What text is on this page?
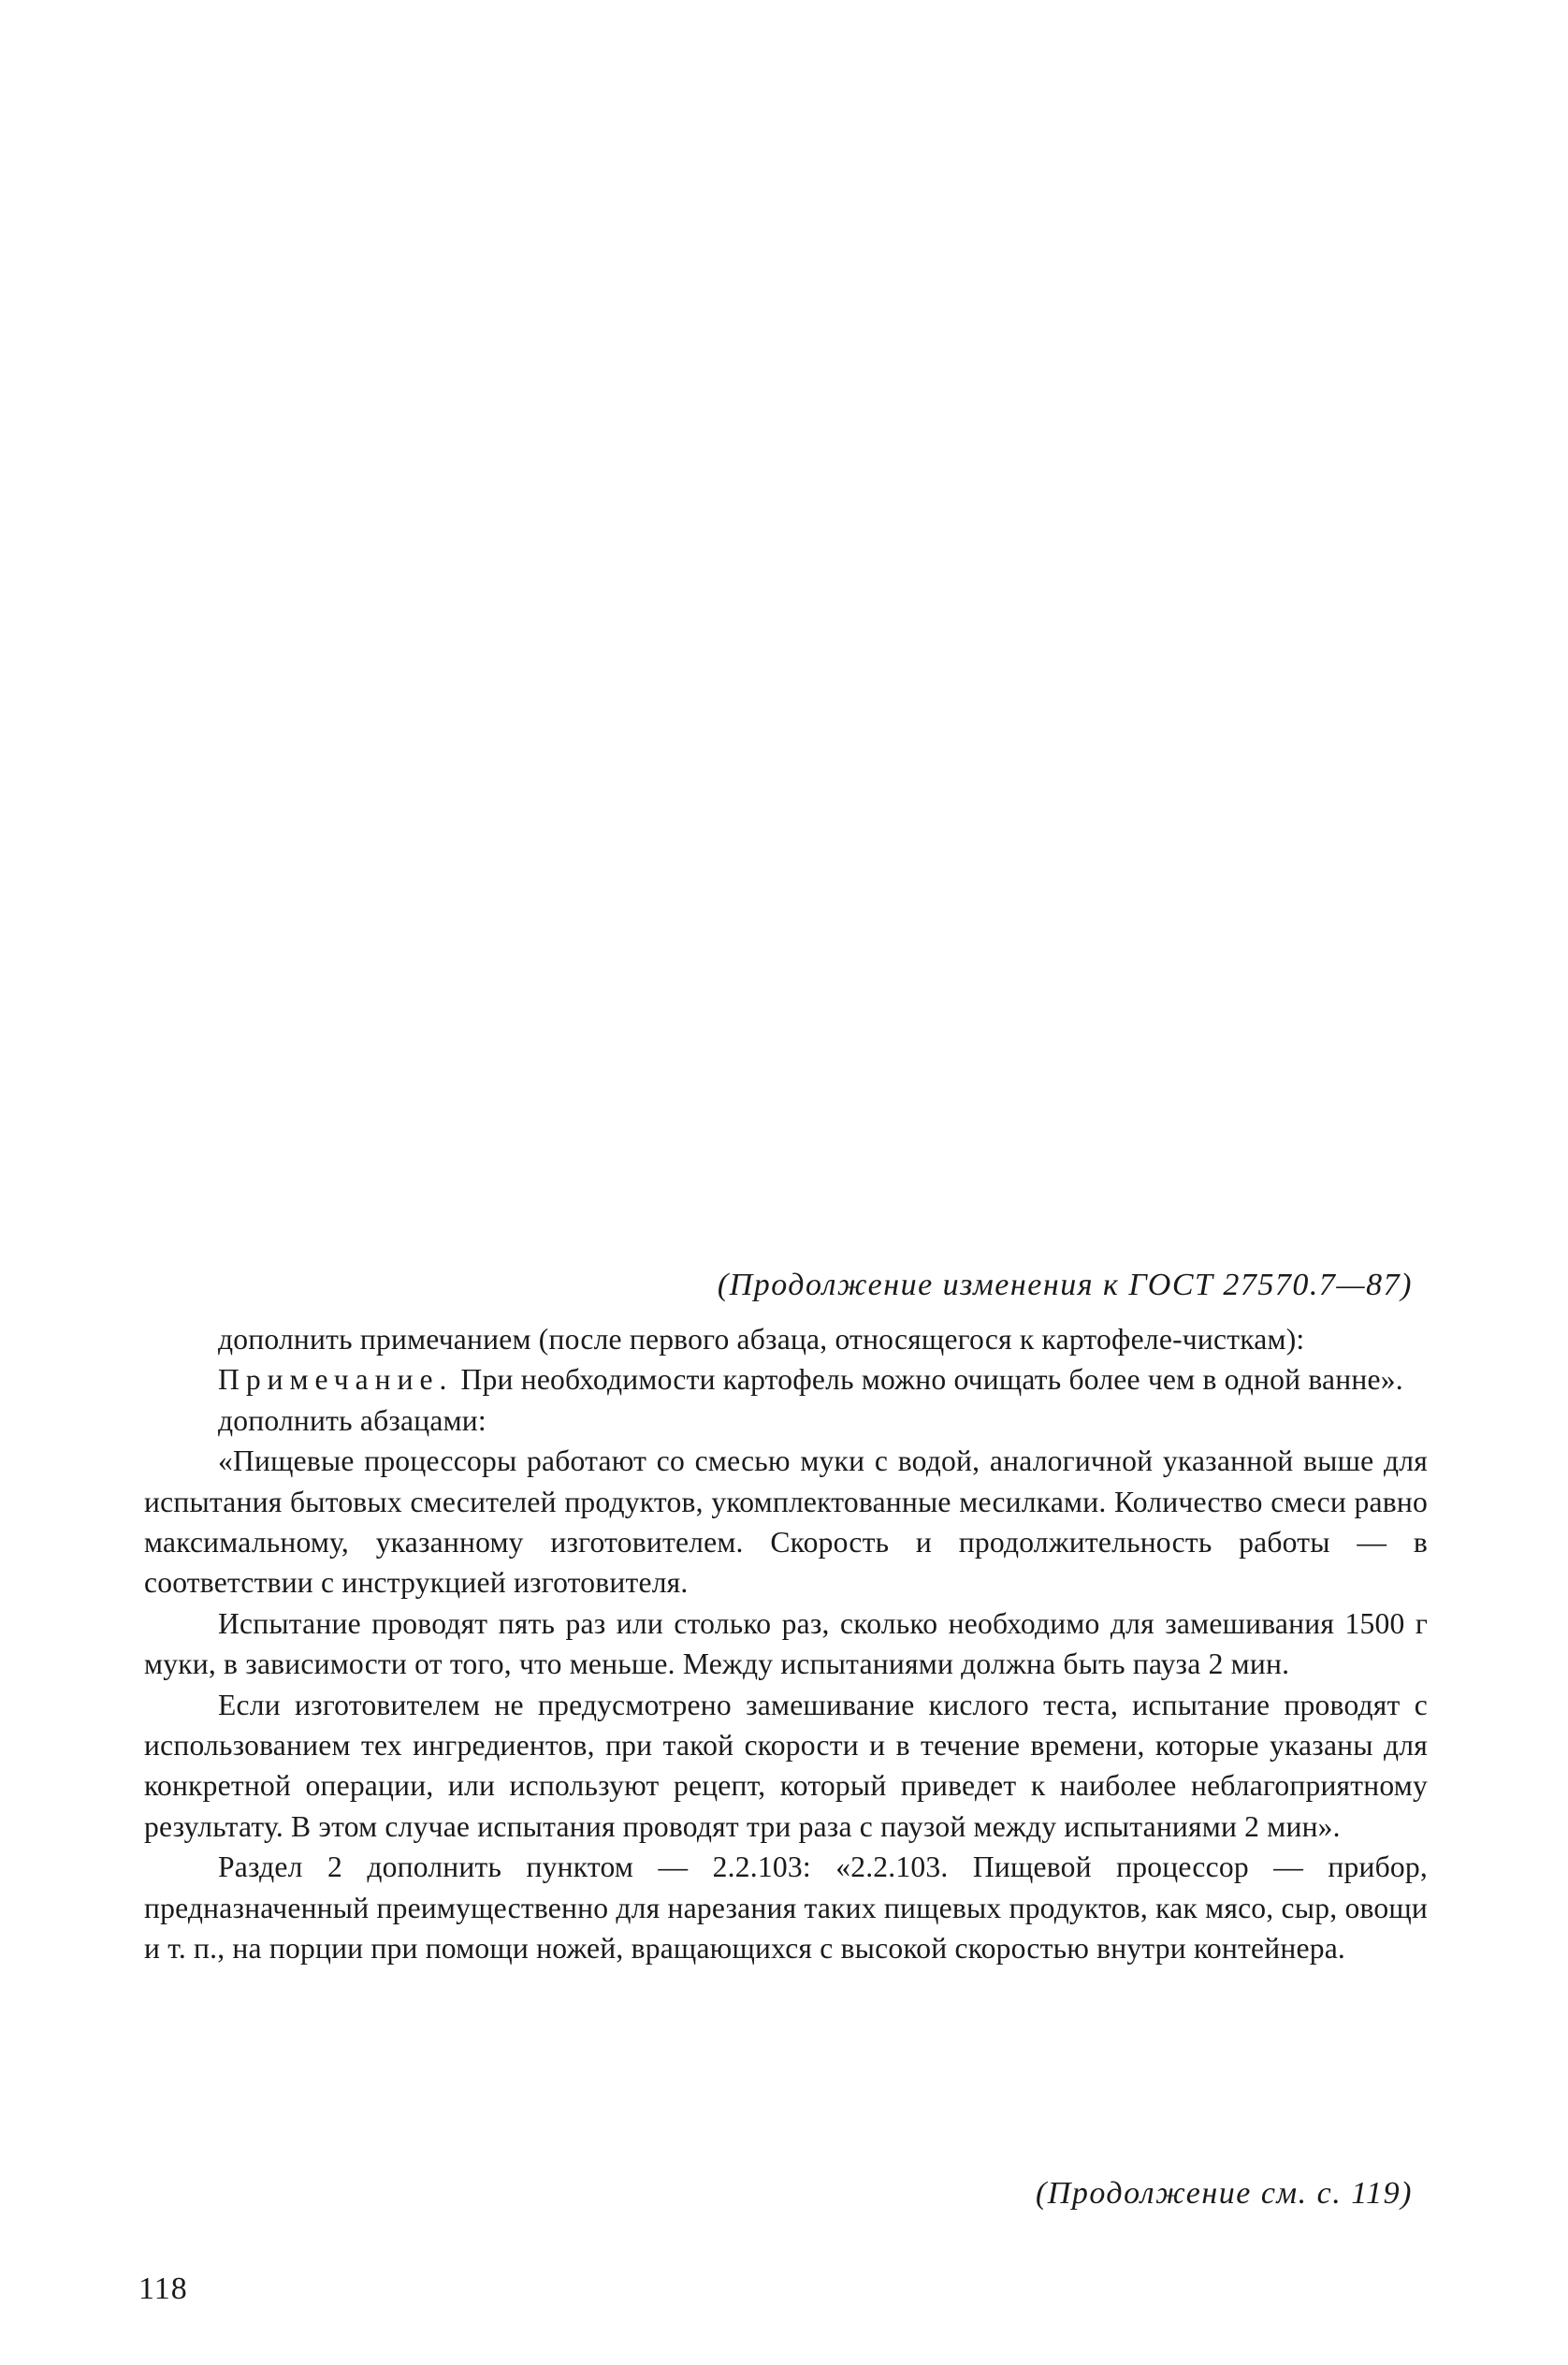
(Продолжение изменения к ГОСТ 27570.7—87)

дополнить примечанием (после первого абзаца, относящегося к картофеле-чисткам):

Примечание. При необходимости картофель можно очищать более чем в одной ванне».

дополнить абзацами:

«Пищевые процессоры работают со смесью муки с водой, аналогичной указанной выше для испытания бытовых смесителей продуктов, укомплектованные месилками. Количество смеси равно максимальному, указанному изготовителем. Скорость и продолжительность работы — в соответствии с инструкцией изготовителя.

Испытание проводят пять раз или столько раз, сколько необходимо для замешивания 1500 г муки, в зависимости от того, что меньше. Между испытаниями должна быть пауза 2 мин.

Если изготовителем не предусмотрено замешивание кислого теста, испытание проводят с использованием тех ингредиентов, при такой скорости и в течение времени, которые указаны для конкретной операции, или используют рецепт, который приведет к наиболее неблагоприятному результату. В этом случае испытания проводят три раза с паузой между испытаниями 2 мин».

Раздел 2 дополнить пунктом — 2.2.103: «2.2.103. Пищевой процессор — прибор, предназначенный преимущественно для нарезания таких пищевых продуктов, как мясо, сыр, овощи и т. п., на порции при помощи ножей, вращающихся с высокой скоростью внутри контейнера.

(Продолжение см. с. 119)
118
